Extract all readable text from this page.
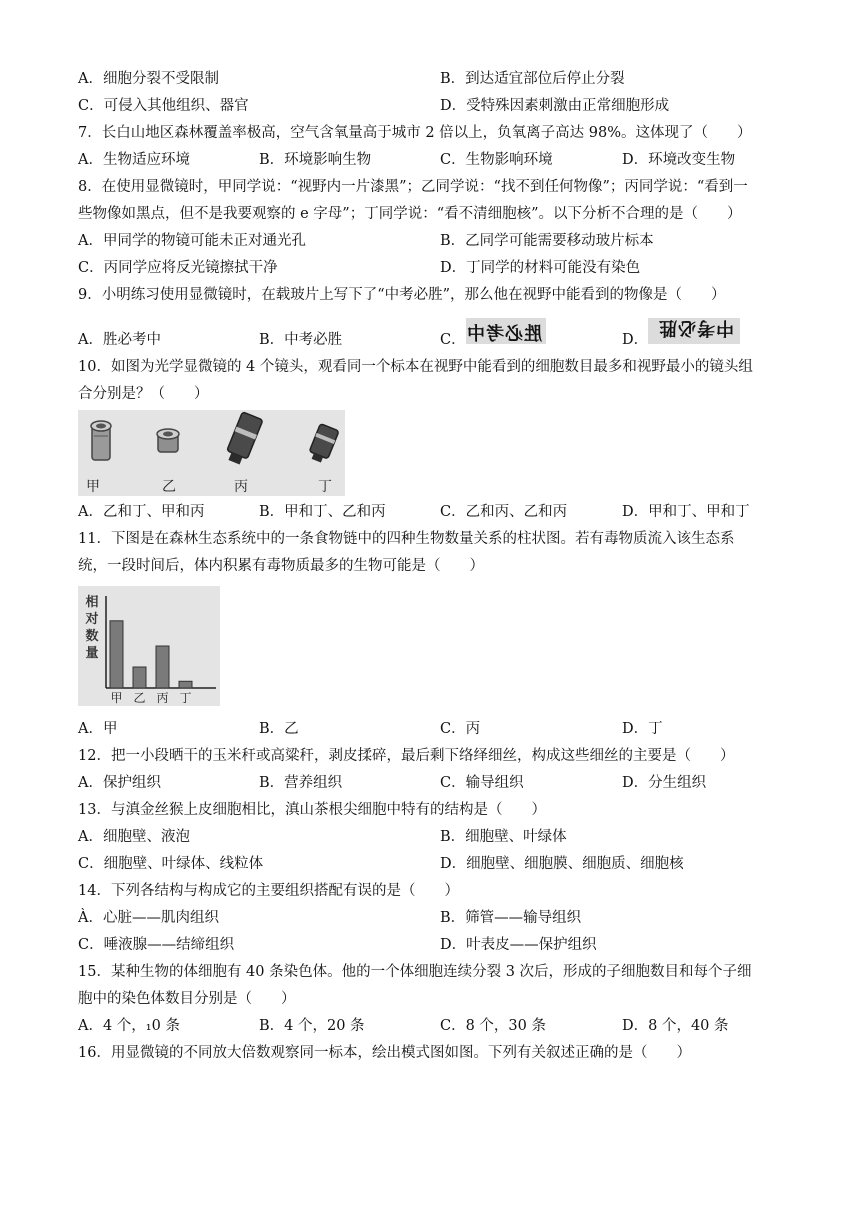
A．细胞分裂不受限制	B．到达适宜部位后停止分裂
C．可侵入其他组织、器官	D．受特殊因素刺激由正常细胞形成
7．长白山地区森林覆盖率极高，空气含氧量高于城市 2 倍以上，负氧离子高达 98%。这体现了（　　）
A．生物适应环境	B．环境影响生物	C．生物影响环境	D．环境改变生物
8．在使用显微镜时，甲同学说：“视野内一片漆黑”；乙同学说：“找不到任何物像”；丙同学说：“看到一
些物像如黑点，但不是我要观察的 e 字母”；丁同学说：“看不清细胞核”。以下分析不合理的是（　　）
A．甲同学的物镜可能未正对通光孔	B．乙同学可能需要移动玻片标本
C．丙同学应将反光镜擦拭干净	D．丁同学的材料可能没有染色
9．小明练习使用显微镜时，在载玻片上写下了“中考必胜”，那么他在视野中能看到的物像是（　　）
A．胜必考中	B．中考必胜	C． 胜必考中	D．
中考必胜
10．如图为光学显微镜的 4 个镜头，观看同一个标本在视野中能看到的细胞数目最多和视野最小的镜头组
合分别是？（　　）
甲	乙	丙	丁
A．乙和丁、甲和丙	B．甲和丁、乙和丙	C．乙和丙、乙和丙	D．甲和丁、甲和丁
11．下图是在森林生态系统中的一条食物链中的四种生物数量关系的柱状图。若有毒物质流入该生态系
统，一段时间后，体内积累有毒物质最多的生物可能是（　　）
相
对
数
量
甲 乙 丙 丁
A．甲	B．乙	C．丙	D．丁
12．把一小段晒干的玉米秆或高粱秆，剥皮揉碎，最后剩下络绎细丝，构成这些细丝的主要是（　　）
A．保护组织	B．营养组织	C．输导组织	D．分生组织
13．与滇金丝猴上皮细胞相比，滇山茶根尖细胞中特有的结构是（　　）
A．细胞壁、液泡	B．细胞壁、叶绿体
C．细胞壁、叶绿体、线粒体	D．细胞壁、细胞膜、细胞质、细胞核
14．下列各结构与构成它的主要组织搭配有误的是（　　）
À．心脏——肌肉组织	B．筛管——输导组织
C．唾液腺——结缔组织	D．叶表皮——保护组织
15．某种生物的体细胞有 40 条染色体。他的一个体细胞连续分裂 3 次后，形成的子细胞数目和每个子细
胞中的染色体数目分别是（　　）
A．4 个，₁0 条	B．4 个，20 条	C．8 个，30 条	D．8 个，40 条
16．用显微镜的不同放大倍数观察同一标本，绘出模式图如图。下列有关叙述正确的是（　　）
